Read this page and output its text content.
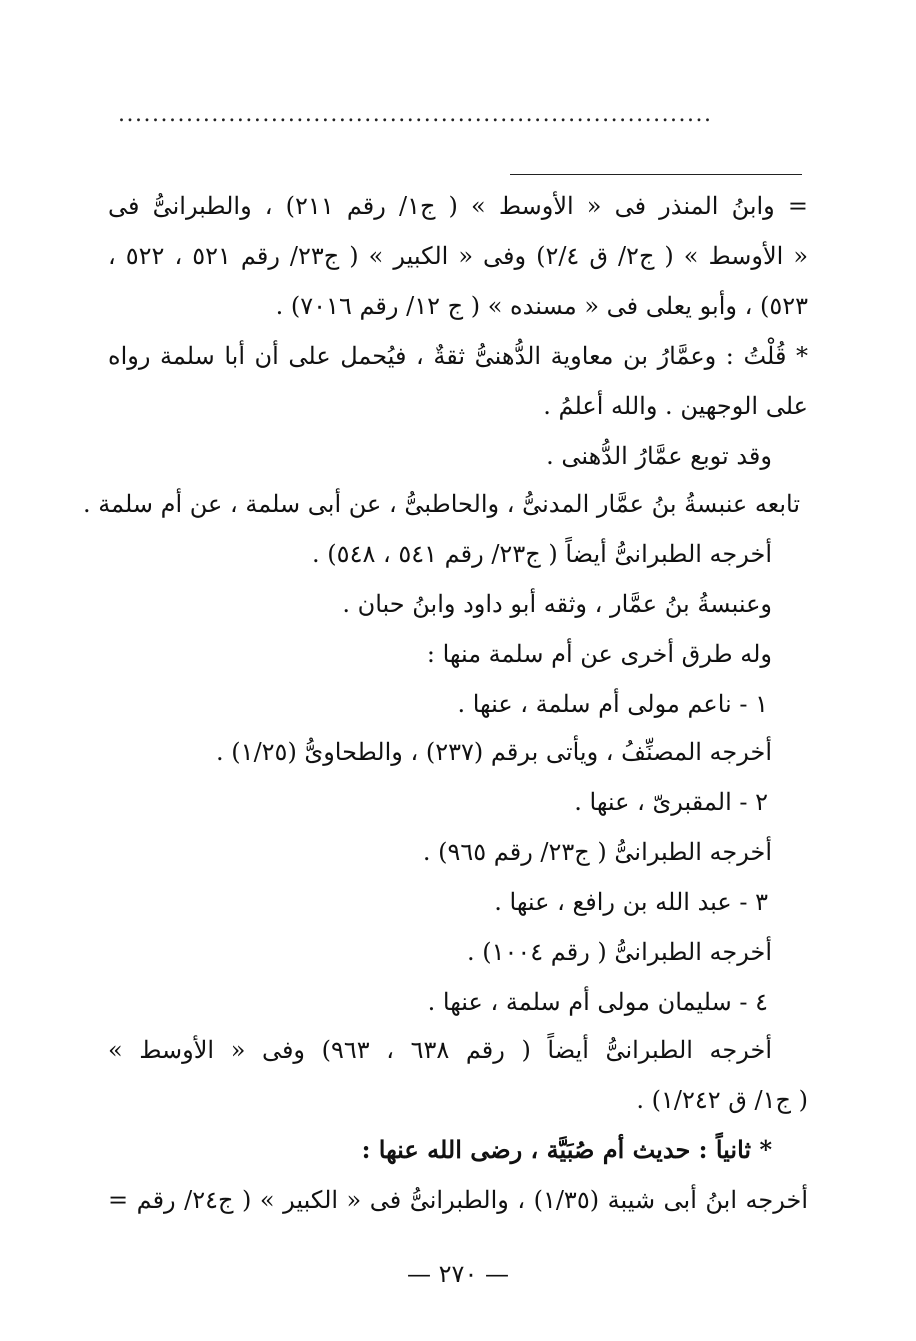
......................................................................
= وابنُ المنذر فى « الأوسط » ( ج١/ رقم ٢١١) ، والطبرانىُّ فى
« الأوسط » ( ج٢/ ق ٢/٤) وفى « الكبير » ( ج٢٣/ رقم ٥٢١ ، ٥٢٢ ،
٥٢٣) ، وأبو يعلى فى « مسنده » ( ج ١٢/ رقم ٧٠١٦) .
* قُلْتُ : وعمَّارُ بن معاوية الدُّهنىُّ ثقةٌ ، فيُحمل على أن أبا سلمة رواه
على الوجهين . والله أعلمُ .
وقد توبع عمَّارُ الدُّهنى .
تابعه عنبسةُ بنُ عمَّار المدنىُّ ، والحاطبىُّ ، عن أبى سلمة ، عن أم سلمة .
أخرجه الطبرانىُّ أيضاً ( ج٢٣/ رقم ٥٤١ ، ٥٤٨) .
وعنبسةُ بنُ عمَّار ، وثقه أبو داود وابنُ حبان .
وله طرق أخرى عن أم سلمة منها :
١ - ناعم مولى أم سلمة ، عنها .
أخرجه المصنِّفُ ، ويأتى برقم (٢٣٧) ، والطحاوىُّ (١/٢٥) .
٢ - المقبرىّ ، عنها .
أخرجه الطبرانىُّ ( ج٢٣/ رقم ٩٦٥) .
٣ - عبد الله بن رافع ، عنها .
أخرجه الطبرانىُّ ( رقم ١٠٠٤) .
٤ - سليمان مولى أم سلمة ، عنها .
أخرجه الطبرانىُّ أيضاً ( رقم ٦٣٨ ، ٩٦٣) وفى « الأوسط »
( ج١/ ق ١/٢٤٢) .
* ثانياً : حديث أم صُبَيَّة ، رضى الله عنها :
أخرجه ابنُ أبى شيبة (١/٣٥) ، والطبرانىُّ فى « الكبير » ( ج٢٤/ رقم =
— ٢٧٠ —
